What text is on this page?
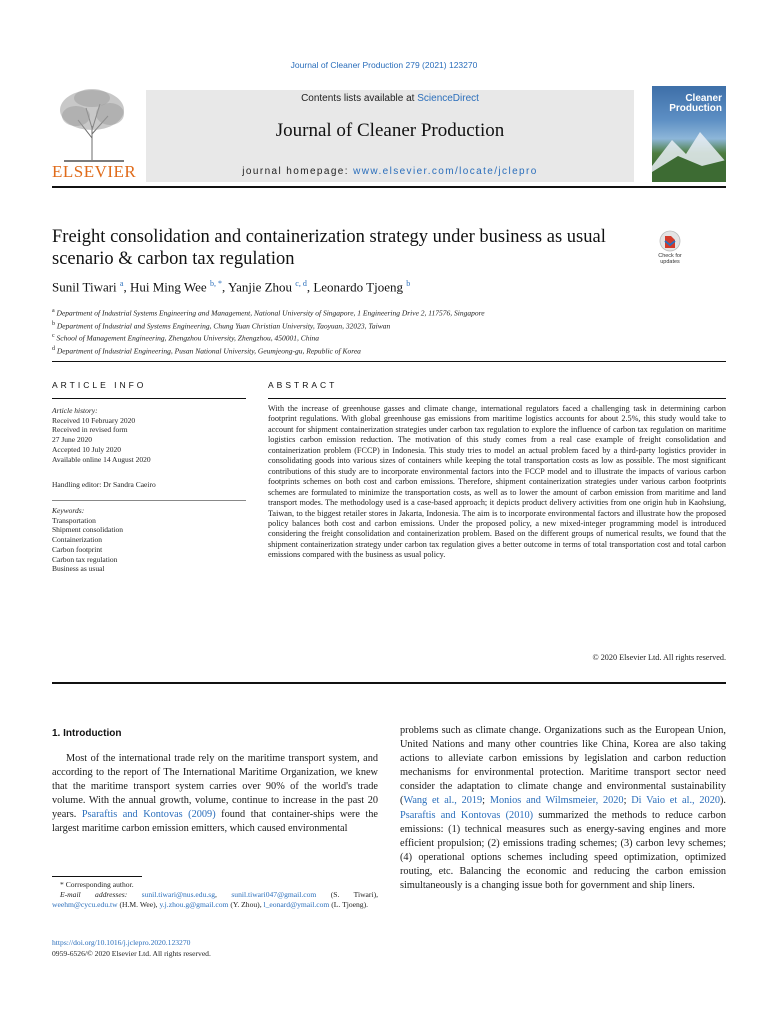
Journal of Cleaner Production 279 (2021) 123270
ELSEVIER
Contents lists available at ScienceDirect
Journal of Cleaner Production
journal homepage: www.elsevier.com/locate/jclepro
Cleaner
Production
Freight consolidation and containerization strategy under business as usual scenario & carbon tax regulation	Check for updates
Sunil Tiwari $^a$, Hui Ming Wee $^{b, *}$, Yanjie Zhou $^{c, d}$, Leonardo Tjoeng $^b$
$^a$ Department of Industrial Systems Engineering and Management, National University of Singapore, 1 Engineering Drive 2, 117576, Singapore
$^b$ Department of Industrial and Systems Engineering, Chung Yuan Christian University, Taoyuan, 32023, Taiwan
$^c$ School of Management Engineering, Zhengzhou University, Zhengzhou, 450001, China
$^d$ Department of Industrial Engineering, Pusan National University, Geumjeong-gu, Republic of Korea
ARTICLE INFO
Article history:
Received 10 February 2020
Received in revised form
27 June 2020
Accepted 10 July 2020
Available online 14 August 2020
Handling editor: Dr Sandra Caeiro
Keywords:
Transportation
Shipment consolidation
Containerization
Carbon footprint
Carbon tax regulation
Business as usual
ABSTRACT
With the increase of greenhouse gasses and climate change, international regulators faced a challenging task in determining carbon footprint regulations. With global greenhouse gas emissions from maritime logistics accounts for about 2.5%, this study would take to account for shipment containerization strategies under carbon tax regulation to explore the influence of carbon tax regulation on maritime logistics carbon emission reduction. The motivation of this study comes from a real case example of freight consolidation and containerization problem (FCCP) in Indonesia. This study tries to model an actual problem faced by a third-party logistics provider in consolidating goods into various sizes of containers while keeping the total transportation costs as low as possible. The most significant contributions of this study are to incorporate environmental factors into the FCCP model and to illustrate the impacts of various carbon footprints schemes on both cost and carbon emissions. Therefore, shipment containerization strategies under various carbon footprints schemes are formulated to minimize the transportation costs, as well as to lower the amount of carbon emission from maritime and land transport modes. The methodology used is a case-based approach; it depicts product delivery activities from one origin hub in Kaohsiung, Taiwan, to the biggest retailer stores in Jakarta, Indonesia. The aim is to incorporate environmental factors and illustrate how the proposed policy balances both cost and carbon emissions. Under the proposed policy, a new mixed-integer programming model is introduced considering the freight consolidation and containerization problem. Based on the different groups of numerical results, we found that the shipment containerization strategy under carbon tax regulation gives a better outcome in terms of total transportation cost and total carbon emissions compared with the business as usual policy.
© 2020 Elsevier Ltd. All rights reserved.
1. Introduction
Most of the international trade rely on the maritime transport system, and according to the report of The International Maritime Organization, we knew that the maritime transport system carries over 90% of the world's trade volume. With the annual growth, volume, continue to increase in the past 20 years. Psaraftis and Kontovas (2009) found that container-ships were the largest maritime carbon emission emitters, which caused environmental
problems such as climate change. Organizations such as the European Union, United Nations and many other countries like China, Korea are also taking actions to alleviate carbon emissions by legislation and carbon reduction mechanisms for environmental protection. Maritime transport sector need consider the adaptation to climate change and environmental sustainability (Wang et al., 2019; Monios and Wilmsmeier, 2020; Di Vaio et al., 2020). Psaraftis and Kontovas (2010) summarized the methods to reduce carbon emissions: (1) technical measures such as energy-saving engines and more efficient propulsion; (2) emissions trading schemes; (3) carbon levy schemes; (4) operational options schemes including speed optimization, optimized routing, etc. Balancing the economic and reducing the carbon emission simultaneously is a changing issue both for government and ship liners.
* Corresponding author.
E-mail addresses: sunil.tiwari@nus.edu.sg, sunil.tiwari047@gmail.com (S. Tiwari), weehm@cycu.edu.tw (H.M. Wee), y.j.zhou.g@gmail.com (Y. Zhou), l_eonard@ymail.com (L. Tjoeng).
https://doi.org/10.1016/j.jclepro.2020.123270
0959-6526/© 2020 Elsevier Ltd. All rights reserved.
